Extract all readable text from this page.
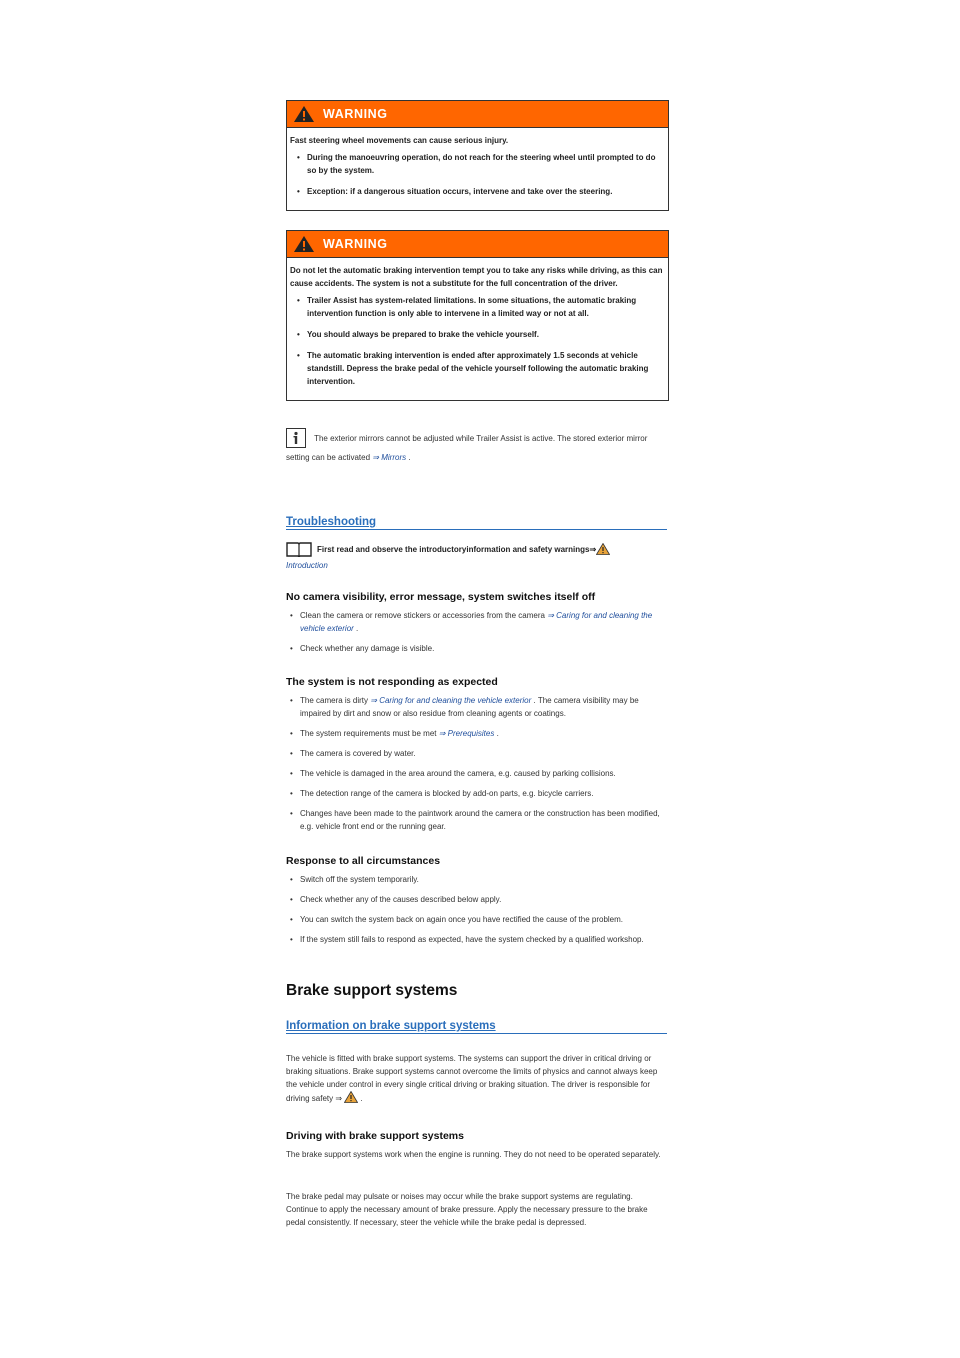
WARNING

Fast steering wheel movements can cause serious injury.

• During the manoeuvring operation, do not reach for the steering wheel until prompted to do so by the system.
• Exception: if a dangerous situation occurs, intervene and take over the steering.
WARNING

Do not let the automatic braking intervention tempt you to take any risks while driving, as this can cause accidents. The system is not a substitute for the full concentration of the driver.

• Trailer Assist has system-related limitations. In some situations, the automatic braking intervention function is only able to intervene in a limited way or not at all.
• You should always be prepared to brake the vehicle yourself.
• The automatic braking intervention is ended after approximately 1.5 seconds at vehicle standstill. Depress the brake pedal of the vehicle yourself following the automatic braking intervention.
The exterior mirrors cannot be adjusted while Trailer Assist is active. The stored exterior mirror setting can be activated ⇒ Mirrors .
Troubleshooting
First read and observe the introductoryinformation and safety warnings⇒
Introduction
No camera visibility, error message, system switches itself off
• Clean the camera or remove stickers or accessories from the camera ⇒ Caring for and cleaning the vehicle exterior .
• Check whether any damage is visible.
The system is not responding as expected
• The camera is dirty ⇒ Caring for and cleaning the vehicle exterior . The camera visibility may be impaired by dirt and snow or also residue from cleaning agents or coatings.
• The system requirements must be met ⇒ Prerequisites .
• The camera is covered by water.
• The vehicle is damaged in the area around the camera, e.g. caused by parking collisions.
• The detection range of the camera is blocked by add-on parts, e.g. bicycle carriers.
• Changes have been made to the paintwork around the camera or the construction has been modified, e.g. vehicle front end or the running gear.
Response to all circumstances
• Switch off the system temporarily.
• Check whether any of the causes described below apply.
• You can switch the system back on again once you have rectified the cause of the problem.
• If the system still fails to respond as expected, have the system checked by a qualified workshop.
Brake support systems
Information on brake support systems

The vehicle is fitted with brake support systems. The systems can support the driver in critical driving or braking situations. Brake support systems cannot overcome the limits of physics and cannot always keep the vehicle under control in every single critical driving or braking situation. The driver is responsible for driving safety ⇒ .

Driving with brake support systems

The brake support systems work when the engine is running. They do not need to be operated separately.

The brake pedal may pulsate or noises may occur while the brake support systems are regulating. Continue to apply the necessary amount of brake pressure. Apply the necessary pressure to the brake pedal consistently. If necessary, steer the vehicle while the brake pedal is depressed.
